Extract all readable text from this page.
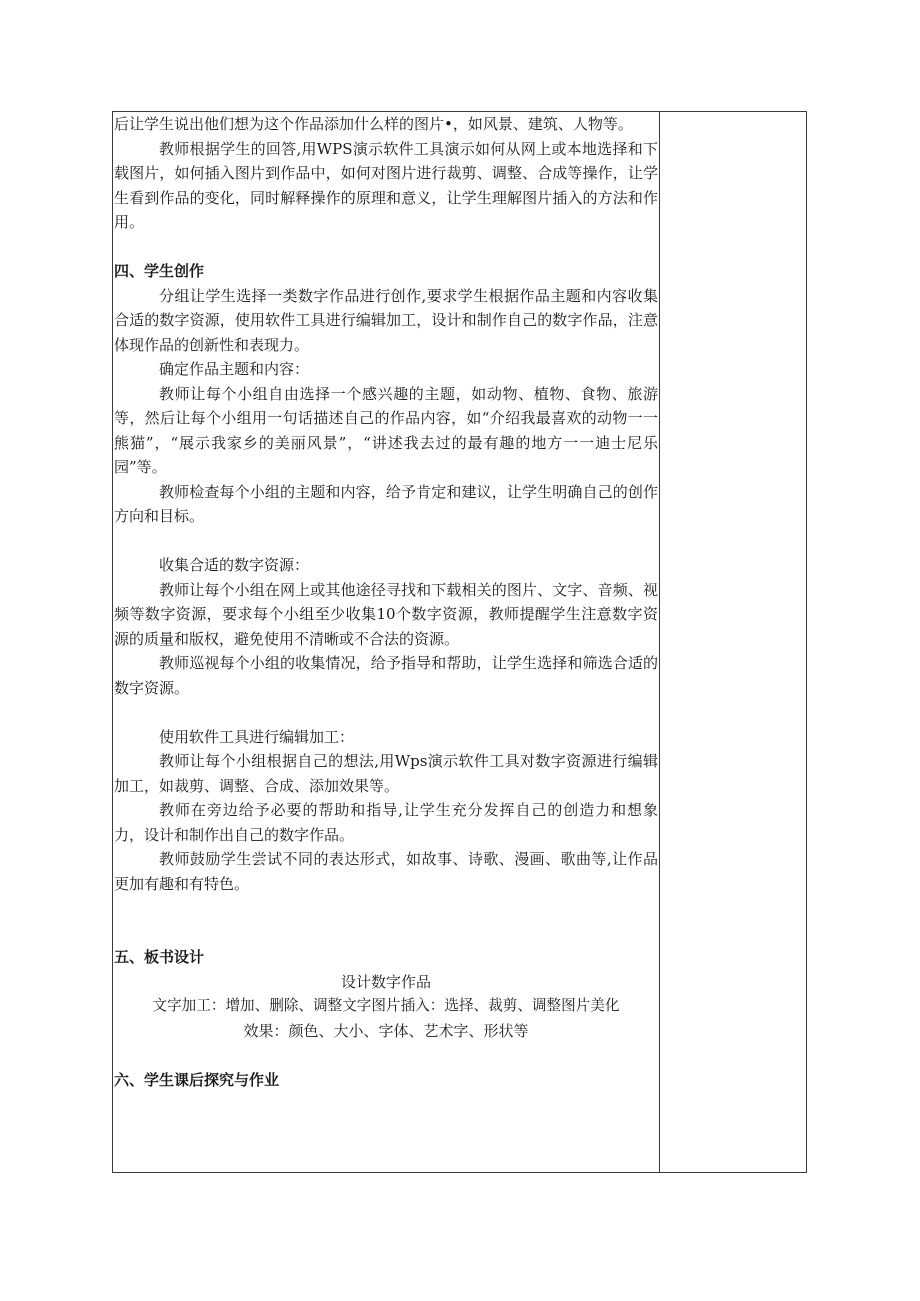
后让学生说出他们想为这个作品添加什么样的图片•，如风景、建筑、人物等。

教师根据学生的回答,用WPS演示软件工具演示如何从网上或本地选择和下载图片，如何插入图片到作品中，如何对图片进行裁剪、调整、合成等操作，让学生看到作品的变化，同时解释操作的原理和意义，让学生理解图片插入的方法和作用。

四、学生创作

分组让学生选择一类数字作品进行创作,要求学生根据作品主题和内容收集合适的数字资源，使用软件工具进行编辑加工，设计和制作自己的数字作品，注意体现作品的创新性和表现力。

确定作品主题和内容：

教师让每个小组自由选择一个感兴趣的主题，如动物、植物、食物、旅游等，然后让每个小组用一句话描述自己的作品内容，如“介绍我最喜欢的动物一一熊猫”，“展示我家乡的美丽风景”，“讲述我去过的最有趣的地方一一迪士尼乐园”等。

教师检查每个小组的主题和内容，给予肯定和建议，让学生明确自己的创作方向和目标。

收集合适的数字资源：

教师让每个小组在网上或其他途径寻找和下载相关的图片、文字、音频、视频等数字资源，要求每个小组至少收集10个数字资源，教师提醒学生注意数字资源的质量和版权，避免使用不清晰或不合法的资源。

教师巡视每个小组的收集情况，给予指导和帮助，让学生选择和筛选合适的数字资源。

使用软件工具进行编辑加工：

教师让每个小组根据自己的想法,用Wps演示软件工具对数字资源进行编辑加工，如裁剪、调整、合成、添加效果等。

教师在旁边给予必要的帮助和指导,让学生充分发挥自己的创造力和想象力，设计和制作出自己的数字作品。

教师鼓励学生尝试不同的表达形式，如故事、诗歌、漫画、歌曲等,让作品更加有趣和有特色。

五、板书设计

设计数字作品

文字加工：增加、删除、调整文字图片插入：选择、裁剪、调整图片美化

效果：颜色、大小、字体、艺术字、形状等

六、学生课后探究与作业
